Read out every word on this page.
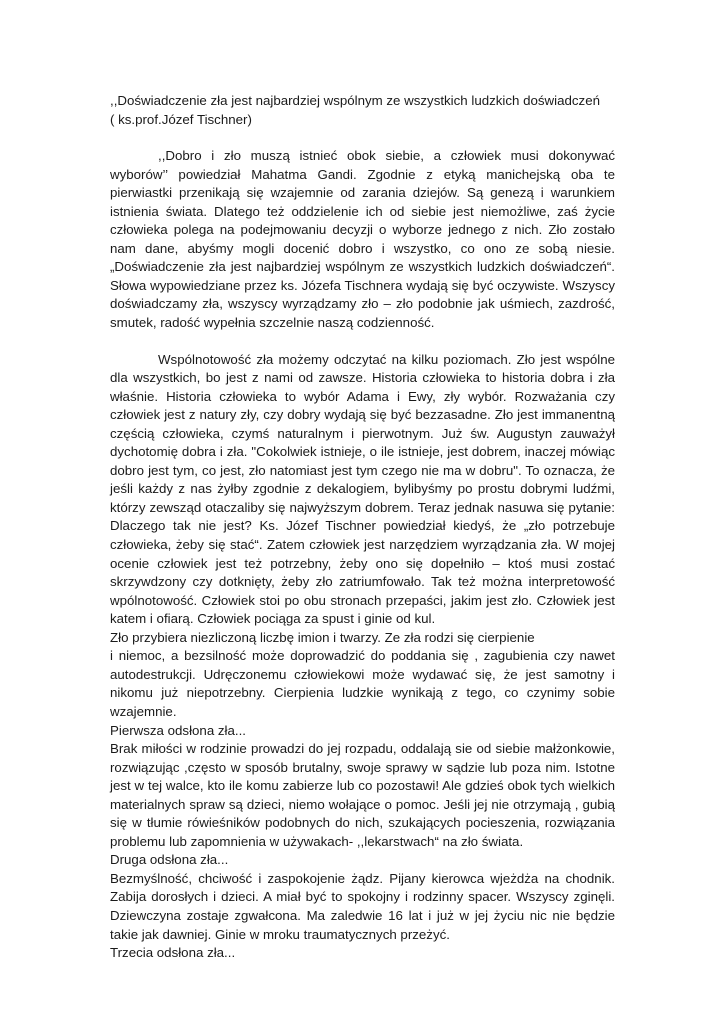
,,Doświadczenie zła jest najbardziej wspólnym ze wszystkich ludzkich doświadczeń

( ks.prof.Józef Tischner)

,,Dobro i zło muszą istnieć obok siebie, a człowiek musi dokonywać wyborów’’ powiedział Mahatma Gandi. Zgodnie z etyką manichejską oba te pierwiastki przenikają się wzajemnie od zarania dziejów. Są genezą i warunkiem istnienia świata. Dlatego też oddzielenie ich od siebie jest niemożliwe, zaś życie człowieka polega na podejmowaniu decyzji o wyborze jednego z nich. Zło zostało nam dane, abyśmy mogli docenić dobro i wszystko, co ono ze sobą niesie. „Doświadczenie zła jest najbardziej wspólnym ze wszystkich ludzkich doświadczeń“. Słowa wypowiedziane przez ks. Józefa Tischnera wydają się być oczywiste. Wszyscy doświadczamy zła, wszyscy wyrządzamy zło – zło podobnie jak uśmiech, zazdrość, smutek, radość wypełnia szczelnie naszą codzienność.

Wspólnotowość zła możemy odczytać na kilku poziomach. Zło jest wspólne dla wszystkich, bo jest z nami od zawsze. Historia człowieka to historia dobra i zła właśnie. Historia człowieka to wybór Adama i Ewy, zły wybór. Rozważania czy człowiek jest z natury zły, czy dobry wydają się być bezzasadne. Zło jest immanentną częścią człowieka, czymś naturalnym i pierwotnym. Już św. Augustyn zauważył dychotomię dobra i zła. "Cokolwiek istnieje, o ile istnieje, jest dobrem, inaczej mówiąc dobro jest tym, co jest, zło natomiast jest tym czego nie ma w dobru". To oznacza, że jeśli każdy z nas żyłby zgodnie z dekalogiem, bylibyśmy po prostu dobrymi ludźmi, którzy zewsząd otaczaliby się najwyższym dobrem. Teraz jednak nasuwa się pytanie: Dlaczego tak nie jest? Ks. Józef Tischner powiedział kiedyś, że „zło potrzebuje człowieka, żeby się stać“. Zatem człowiek jest narzędziem wyrządzania zła. W mojej ocenie człowiek jest też potrzebny, żeby ono się dopełniło – ktoś musi zostać skrzywdzony czy dotknięty, żeby zło zatriumfowało. Tak też można interpretowość wpólnotowość. Człowiek stoi po obu stronach przepaści, jakim jest zło. Człowiek jest katem i ofiarą. Człowiek pociąga za spust i ginie od kul.

Zło przybiera niezliczoną liczbę imion i twarzy. Ze zła rodzi się cierpienie

i niemoc, a bezsilność może doprowadzić do poddania się , zagubienia czy nawet autodestrukcji. Udręczonemu człowiekowi może wydawać się, że jest samotny i nikomu już niepotrzebny. Cierpienia ludzkie wynikają z tego, co czynimy sobie wzajemnie.

Pierwsza odsłona zła...

Brak miłości w rodzinie prowadzi do jej rozpadu, oddalają sie od siebie małżonkowie, rozwiązując ,często w sposób brutalny, swoje sprawy w sądzie lub poza nim. Istotne jest w tej walce, kto ile komu zabierze lub co pozostawi! Ale gdzieś obok tych wielkich materialnych spraw są dzieci, niemo wołające o pomoc. Jeśli jej nie otrzymają , gubią się w tłumie rówieśników podobnych do nich, szukających pocieszenia, rozwiązania problemu lub zapomnienia w używakach- ,,lekarstwach“ na zło świata.

Druga odsłona zła...

Bezmyślność, chciwość i zaspokojenie żądz. Pijany kierowca wjeżdża na chodnik. Zabija dorosłych i dzieci. A miał być to spokojny i rodzinny spacer. Wszyscy zginęli. Dziewczyna zostaje zgwałcona. Ma zaledwie 16 lat i już w jej życiu nic nie będzie takie jak dawniej. Ginie w mroku traumatycznych przeżyć.

Trzecia odsłona zła...
